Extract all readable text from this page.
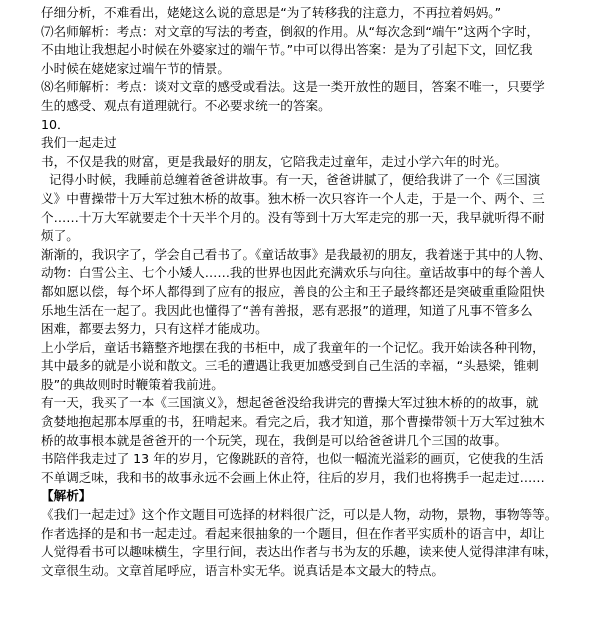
仔细分析，不难看出，姥姥这么说的意思是“为了转移我的注意力，不再拉着妈妈。”
⑺名师解析：考点：对文章的写法的考查，倒叙的作用。从“每次念到“端午”这两个字时，
不由地让我想起小时候在外婆家过的端午节。”中可以得出答案：是为了引起下文，回忆我
小时候在姥姥家过端午节的情景。
⑻名师解析：考点：谈对文章的感受或看法。这是一类开放性的题目，答案不唯一，只要学
生的感受、观点有道理就行。不必要求统一的答案。
10．
我们一起走过
书，不仅是我的财富，更是我最好的朋友，它陪我走过童年，走过小学六年的时光。
记得小时候，我睡前总缠着爸爸讲故事。有一天，爸爸讲腻了，便给我讲了一个《三国演
义》中曹操带十万大军过独木桥的故事。独木桥一次只容许一个人走，于是一个、两个、三
个……十万大军就要走个十天半个月的。没有等到十万大军走完的那一天，我早就听得不耐
烦了。
渐渐的，我识字了，学会自己看书了。《童话故事》是我最初的朋友，我着迷于其中的人物、
动物：白雪公主、七个小矮人……我的世界也因此充满欢乐与向往。童话故事中的每个善人
都如愿以偿，每个坏人都得到了应有的报应，善良的公主和王子最终都还是突破重重险阻快
乐地生活在一起了。我因此也懂得了“善有善报，恶有恶报”的道理，知道了凡事不管多么
困难，都要去努力，只有这样才能成功。
上小学后，童话书籍整齐地摆在我的书柜中，成了我童年的一个记忆。我开始读各种刊物，
其中最多的就是小说和散文。三毛的遭遇让我更加感受到自己生活的幸福，“头悬梁，锥刺
股”的典故则时时鞭策着我前进。
有一天，我买了一本《三国演义》，想起爸爸没给我讲完的曹操大军过独木桥的的故事，就
贪婪地抱起那本厚重的书，狂啃起来。看完之后，我才知道，那个曹操带领十万大军过独木
桥的故事根本就是爸爸开的一个玩笑，现在，我倒是可以给爸爸讲几个三国的故事。
书陪伴我走过了 13 年的岁月，它像跳跃的音符，也似一幅流光溢彩的画页，它使我的生活
不单调乏味，我和书的故事永远不会画上休止符，往后的岁月，我们也将携手一起走过……
【解析】
《我们一起走过》这个作文题目可选择的材料很广泛，可以是人物，动物，景物，事物等等。
作者选择的是和书一起走过。看起来很抽象的一个题目，但在作者平实质朴的语言中，却让
人觉得看书可以趣味横生，字里行间，表达出作者与书为友的乐趣，读来使人觉得津津有味，
文章很生动。文章首尾呼应，语言朴实无华。说真话是本文最大的特点。
